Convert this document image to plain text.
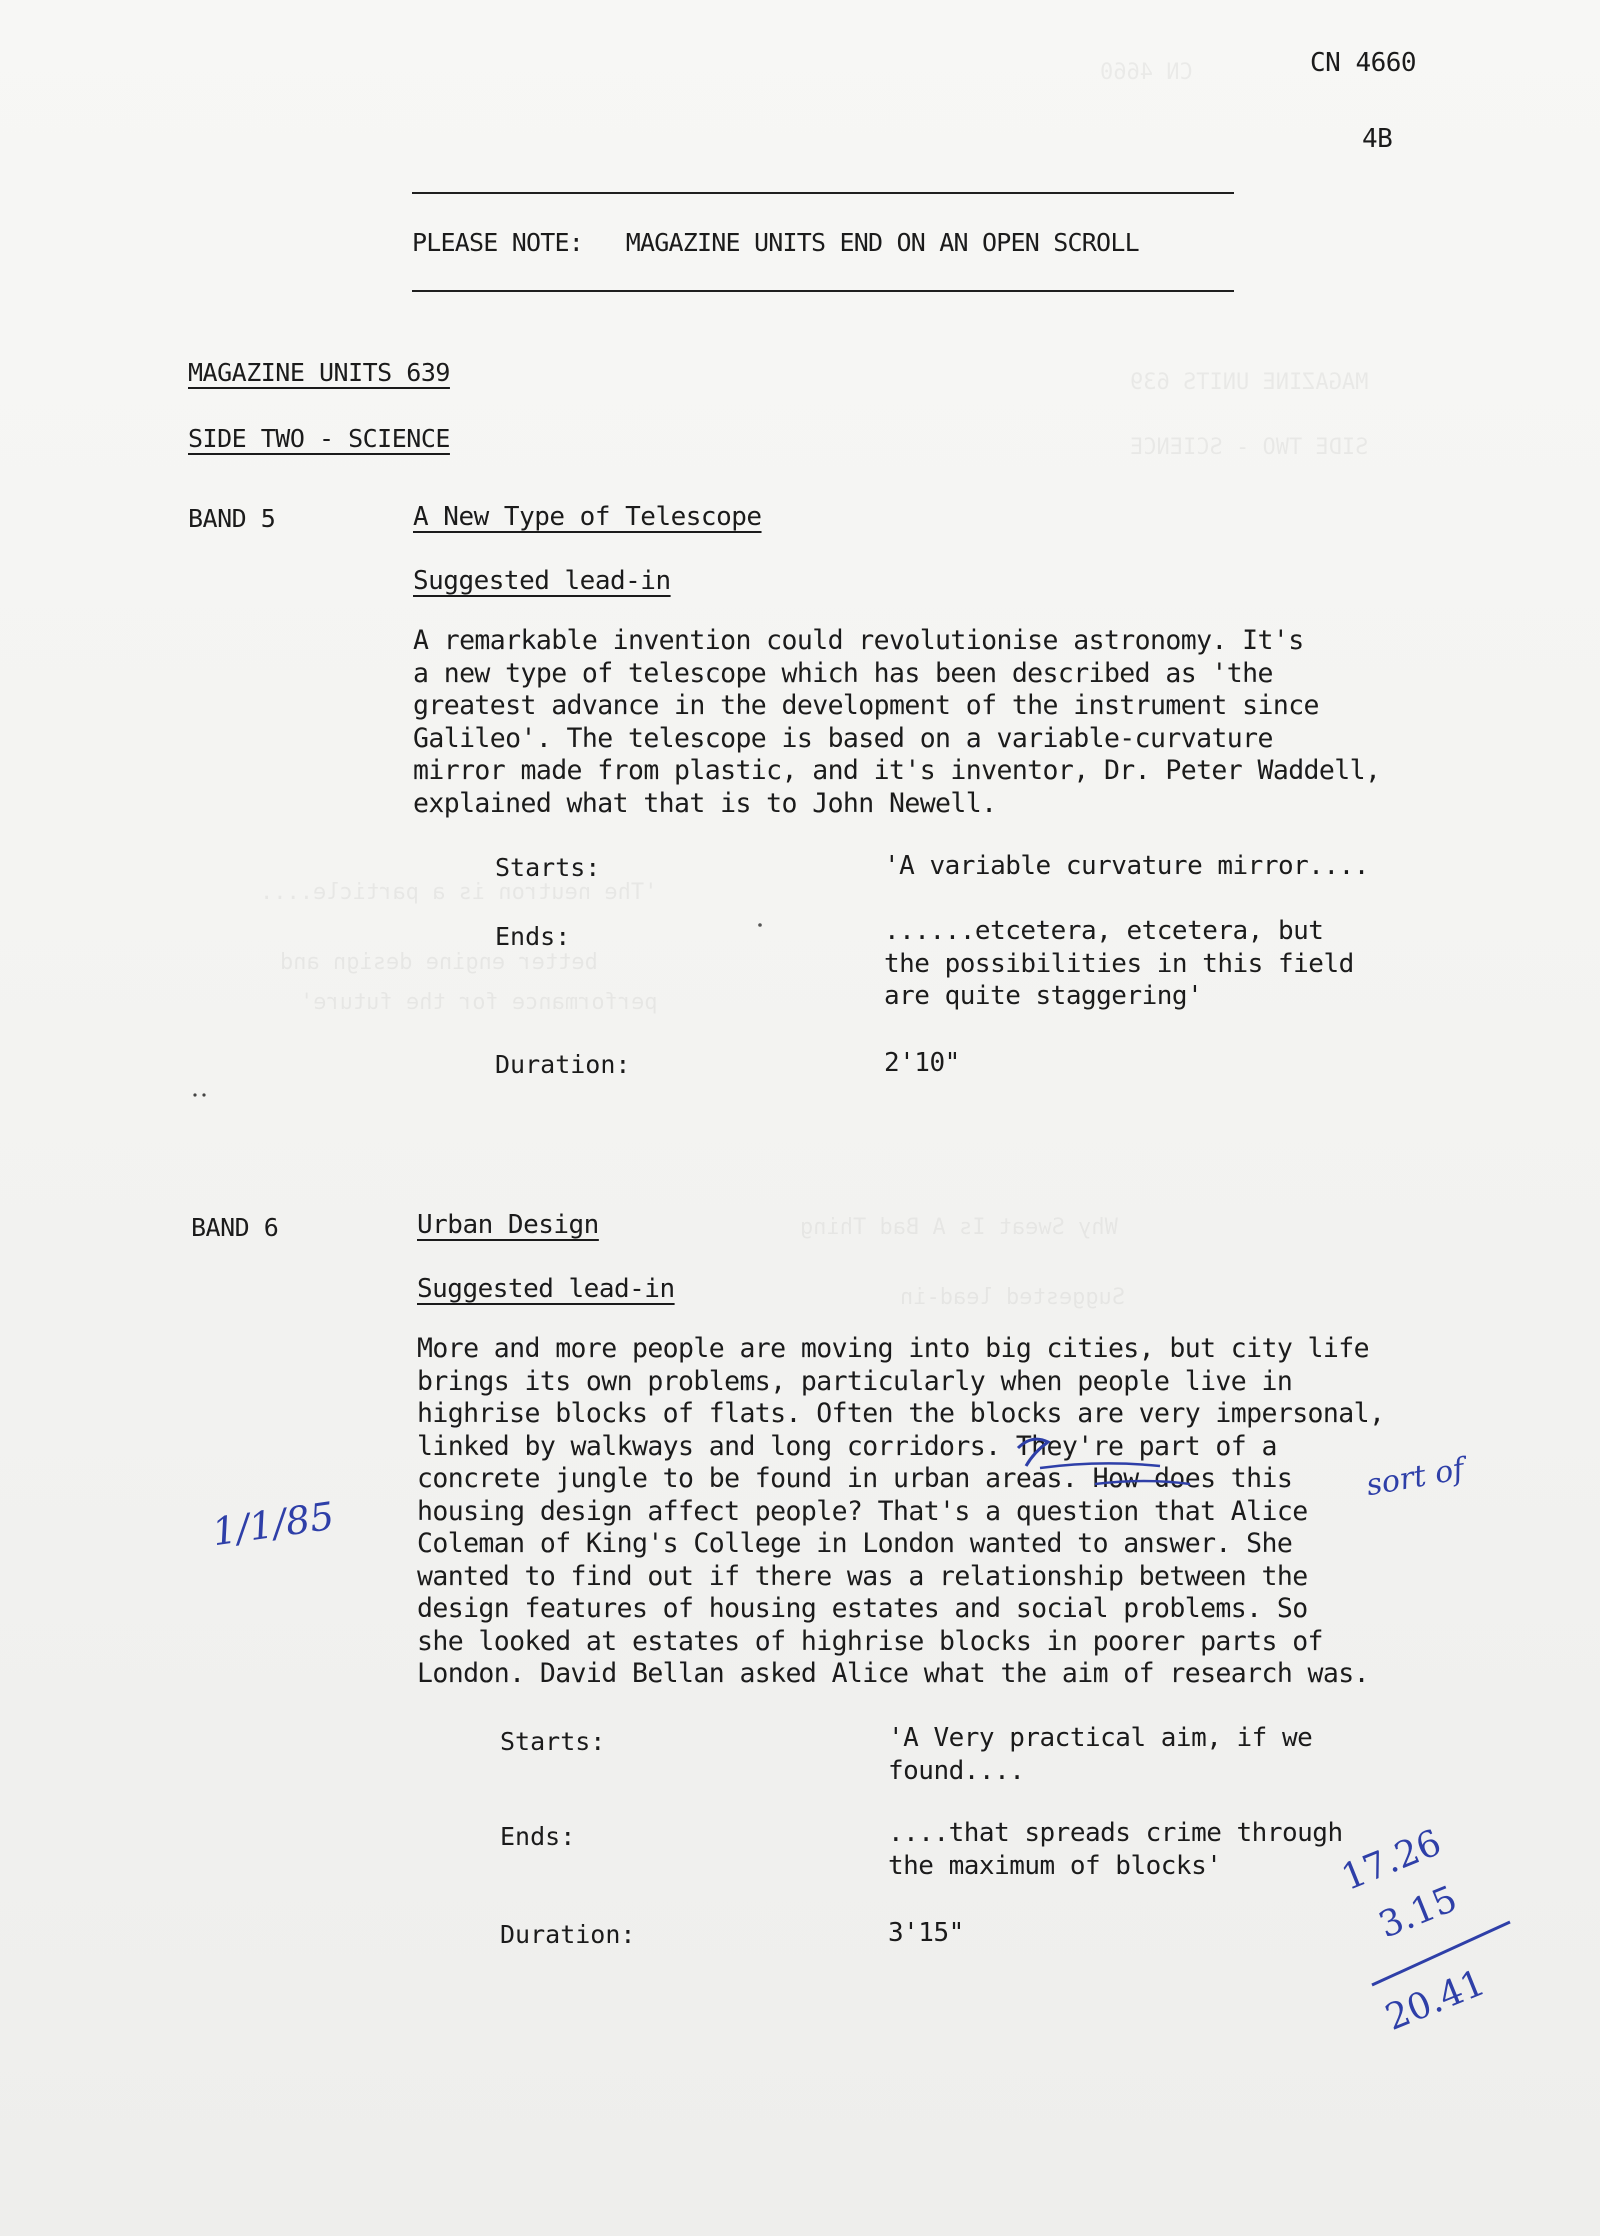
CN 4660
MAGAZINE UNITS 639
SIDE TWO - SCIENCE
'The neutron is a particle....
better engine design and
performance for the future'
Why Sweat Is A Bad Thing
Suggested lead-in
CN 4660
4B
PLEASE NOTE:   MAGAZINE UNITS END ON AN OPEN SCROLL
MAGAZINE UNITS 639
SIDE TWO - SCIENCE
BAND 5	A New Type of Telescope
Suggested lead-in
A remarkable invention could revolutionise astronomy. It's
a new type of telescope which has been described as 'the
greatest advance in the development of the instrument since
Galileo'. The telescope is based on a variable-curvature
mirror made from plastic, and it's inventor, Dr. Peter Waddell,
explained what that is to John Newell.
Starts:	'A variable curvature mirror....
Ends:	......etcetera, etcetera, but
the possibilities in this field
are quite staggering'
Duration:	2'10"
BAND 6	Urban Design
Suggested lead-in
More and more people are moving into big cities, but city life
brings its own problems, particularly when people live in
highrise blocks of flats. Often the blocks are very impersonal,
linked by walkways and long corridors. They're part of a
concrete jungle to be found in urban areas. How does this
housing design affect people? That's a question that Alice
Coleman of King's College in London wanted to answer. She
wanted to find out if there was a relationship between the
design features of housing estates and social problems. So
she looked at estates of highrise blocks in poorer parts of
London. David Bellan asked Alice what the aim of research was.
Starts:	'A Very practical aim, if we
found....
Ends:	....that spreads crime through
the maximum of blocks'
Duration:	3'15"
1/1/85
sort of
17.26
3.15
20.41
